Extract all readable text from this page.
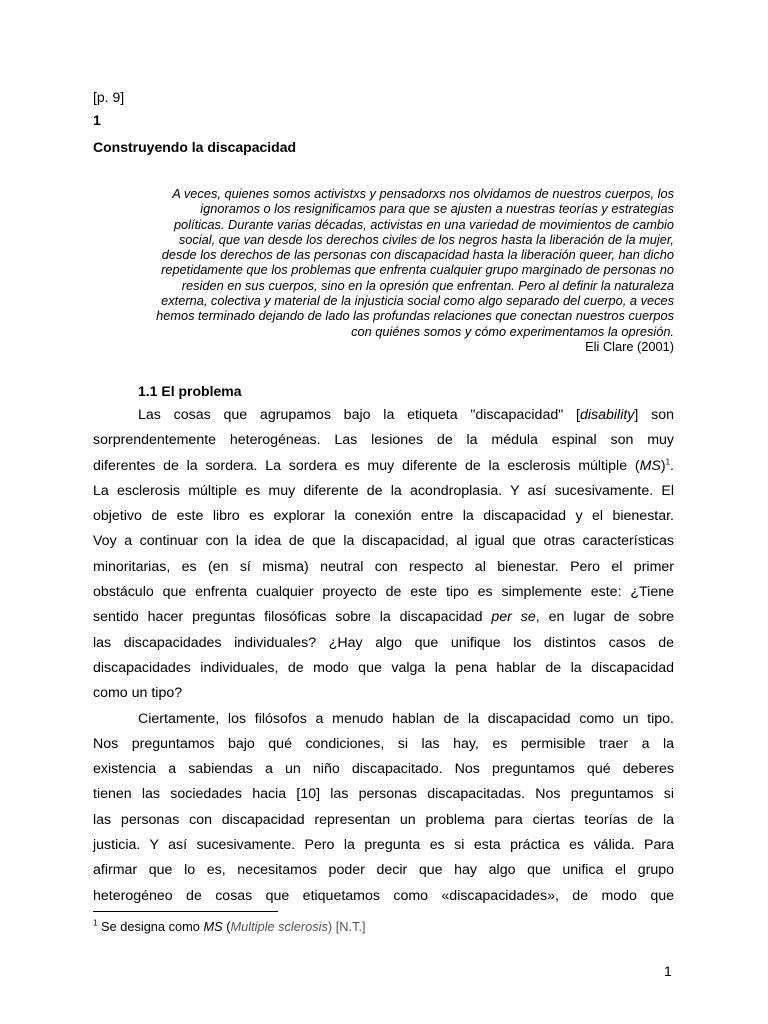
[p. 9]
1
Construyendo la discapacidad
A veces, quienes somos activistxs y pensadorxs nos olvidamos de nuestros cuerpos, los
ignoramos o los resignificamos para que se ajusten a nuestras teorías y estrategias
políticas. Durante varias décadas, activistas en una variedad de movimientos de cambio
social, que van desde los derechos civiles de los negros hasta la liberación de la mujer,
desde los derechos de las personas con discapacidad hasta la liberación queer, han dicho
repetidamente que los problemas que enfrenta cualquier grupo marginado de personas no
residen en sus cuerpos, sino en la opresión que enfrentan. Pero al definir la naturaleza
externa, colectiva y material de la injusticia social como algo separado del cuerpo, a veces
hemos terminado dejando de lado las profundas relaciones que conectan nuestros cuerpos
con quiénes somos y cómo experimentamos la opresión.
Eli Clare (2001)
1.1 El problema
Las cosas que agrupamos bajo la etiqueta "discapacidad" [disability] son
sorprendentemente heterogéneas. Las lesiones de la médula espinal son muy
diferentes de la sordera. La sordera es muy diferente de la esclerosis múltiple (MS)$^1$.
La esclerosis múltiple es muy diferente de la acondroplasia. Y así sucesivamente. El
objetivo de este libro es explorar la conexión entre la discapacidad y el bienestar.
Voy a continuar con la idea de que la discapacidad, al igual que otras características
minoritarias, es (en sí misma) neutral con respecto al bienestar. Pero el primer
obstáculo que enfrenta cualquier proyecto de este tipo es simplemente este: ¿Tiene
sentido hacer preguntas filosóficas sobre la discapacidad per se, en lugar de sobre
las discapacidades individuales? ¿Hay algo que unifique los distintos casos de
discapacidades individuales, de modo que valga la pena hablar de la discapacidad
como un tipo?
Ciertamente, los filósofos a menudo hablan de la discapacidad como un tipo.
Nos preguntamos bajo qué condiciones, si las hay, es permisible traer a la
existencia a sabiendas a un niño discapacitado. Nos preguntamos qué deberes
tienen las sociedades hacia [10] las personas discapacitadas. Nos preguntamos si
las personas con discapacidad representan un problema para ciertas teorías de la
justicia. Y así sucesivamente. Pero la pregunta es si esta práctica es válida. Para
afirmar que lo es, necesitamos poder decir que hay algo que unifica el grupo
heterogéneo de cosas que etiquetamos como «discapacidades», de modo que
$^1$ Se designa como MS (Multiple sclerosis) [N.T.]
1
